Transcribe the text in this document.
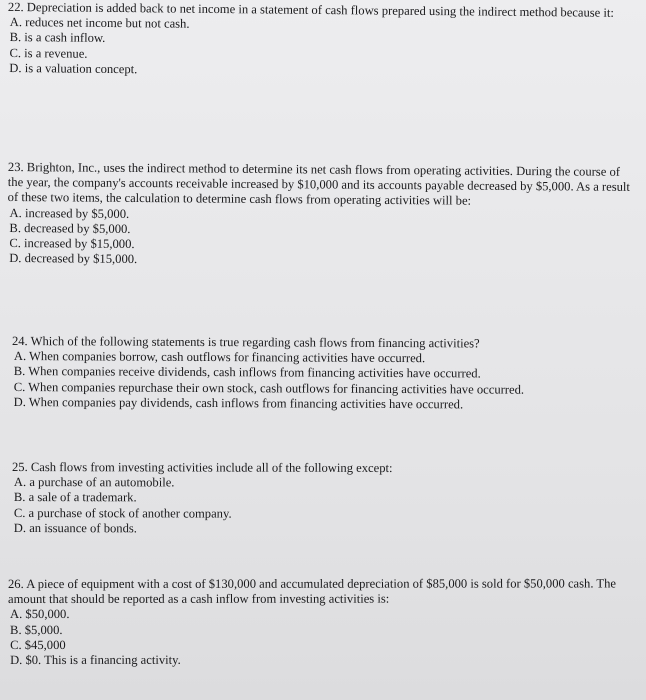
22. Depreciation is added back to net income in a statement of cash flows prepared using the indirect method because it:

A. reduces net income but not cash.
B. is a cash inflow.
C. is a revenue.
D. is a valuation concept.

23. Brighton, Inc., uses the indirect method to determine its net cash flows from operating activities. During the course of the year, the company's accounts receivable increased by $10,000 and its accounts payable decreased by $5,000. As a result of these two items, the calculation to determine cash flows from operating activities will be:

A. increased by $5,000.
B. decreased by $5,000.
C. increased by $15,000.
D. decreased by $15,000.

24. Which of the following statements is true regarding cash flows from financing activities?

A. When companies borrow, cash outflows for financing activities have occurred.
B. When companies receive dividends, cash inflows from financing activities have occurred.
C. When companies repurchase their own stock, cash outflows for financing activities have occurred.
D. When companies pay dividends, cash inflows from financing activities have occurred.

25. Cash flows from investing activities include all of the following except:

A. a purchase of an automobile.
B. a sale of a trademark.
C. a purchase of stock of another company.
D. an issuance of bonds.

26. A piece of equipment with a cost of $130,000 and accumulated depreciation of $85,000 is sold for $50,000 cash. The amount that should be reported as a cash inflow from investing activities is:

A. $50,000.
B. $5,000.
C. $45,000
D. $0. This is a financing activity.
